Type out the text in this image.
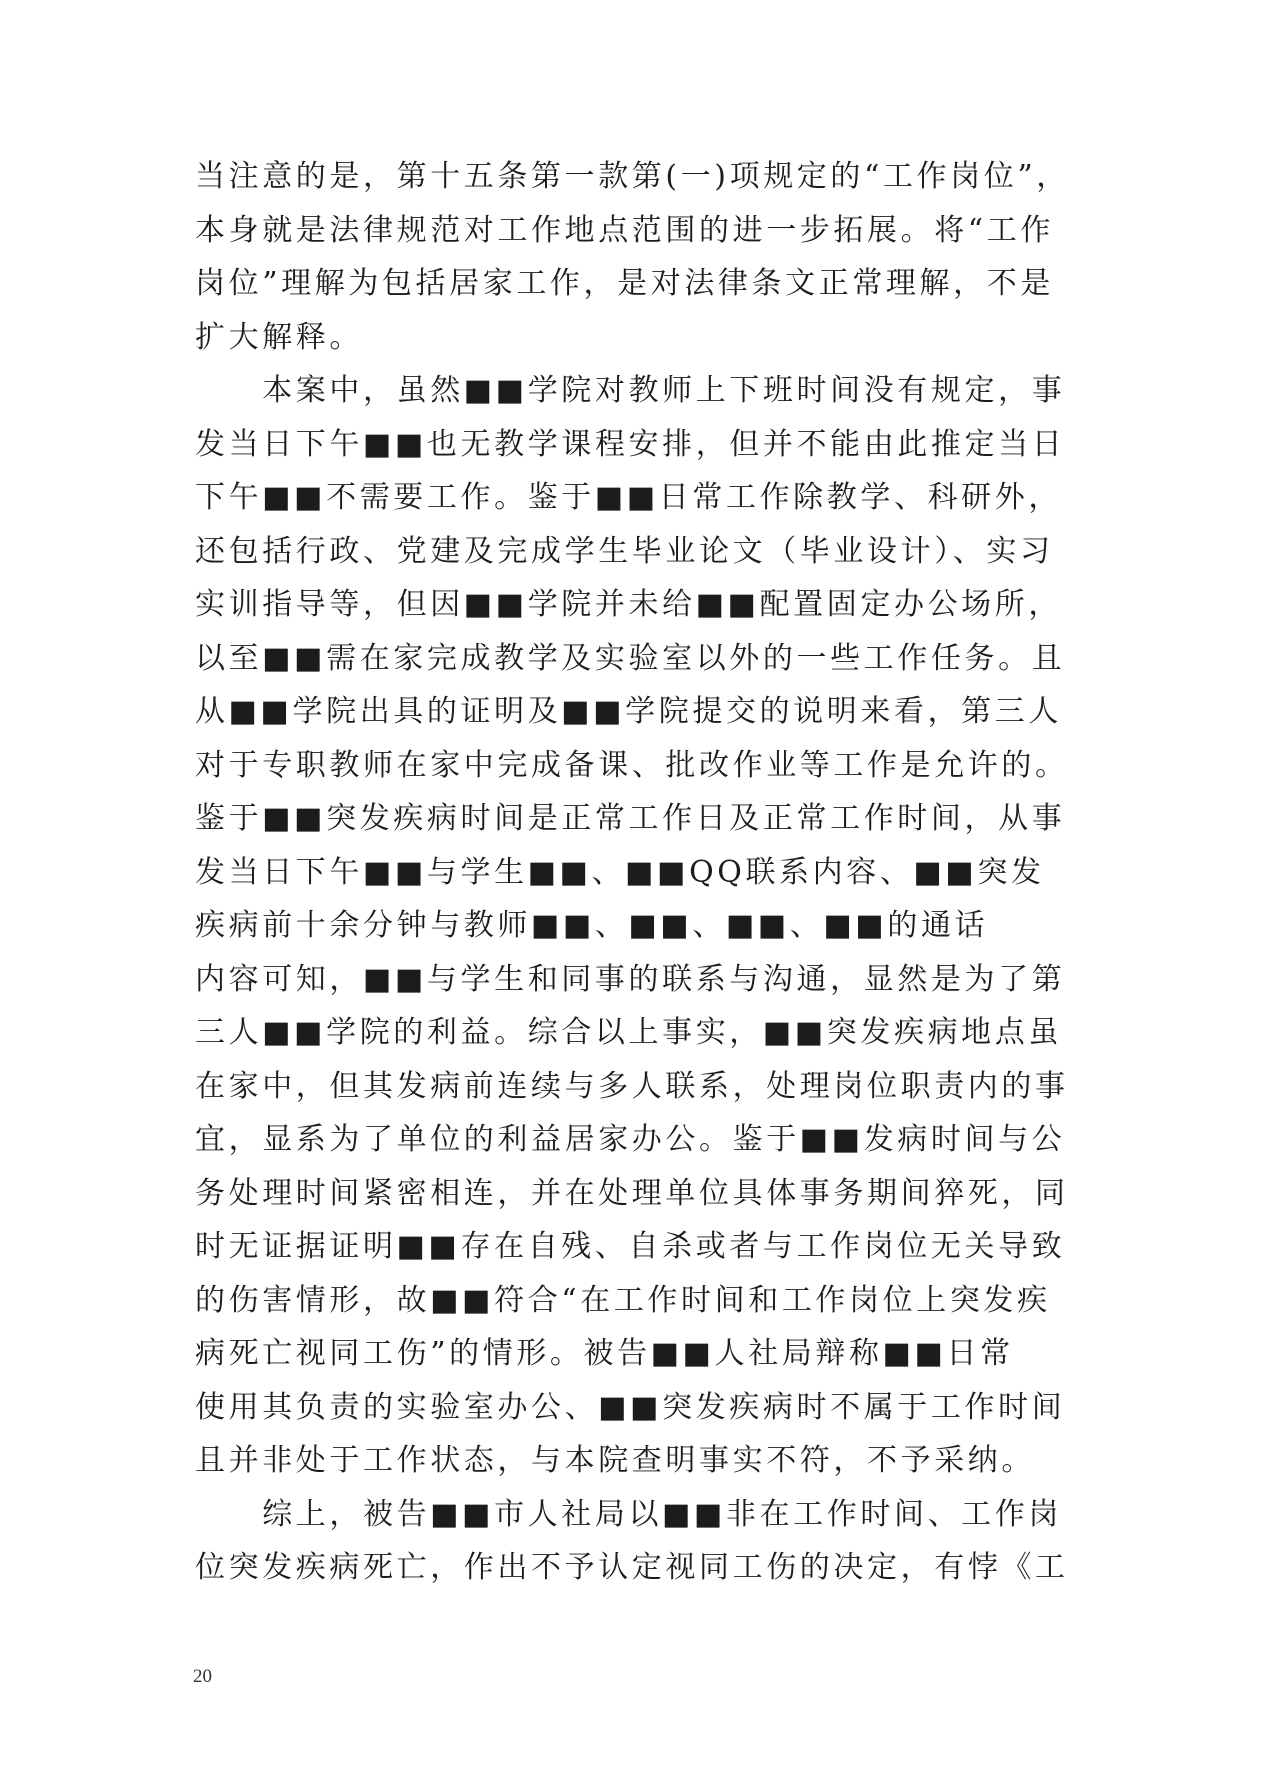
当注意的是，第十五条第一款第(一)项规定的“工作岗位”，
本身就是法律规范对工作地点范围的进一步拓展。将“工作
岗位”理解为包括居家工作，是对法律条文正常理解，不是
扩大解释。
　　本案中，虽然■■学院对教师上下班时间没有规定，事
发当日下午■■也无教学课程安排，但并不能由此推定当日
下午■■不需要工作。鉴于■■日常工作除教学、科研外，
还包括行政、党建及完成学生毕业论文（毕业设计）、实习
实训指导等，但因■■学院并未给■■配置固定办公场所，
以至■■需在家完成教学及实验室以外的一些工作任务。且
从■■学院出具的证明及■■学院提交的说明来看，第三人
对于专职教师在家中完成备课、批改作业等工作是允许的。
鉴于■■突发疾病时间是正常工作日及正常工作时间，从事
发当日下午■■与学生■■、■■QQ联系内容、■■突发
疾病前十余分钟与教师■■、■■、■■、■■的通话
内容可知，■■与学生和同事的联系与沟通，显然是为了第
三人■■学院的利益。综合以上事实，■■突发疾病地点虽
在家中，但其发病前连续与多人联系，处理岗位职责内的事
宜，显系为了单位的利益居家办公。鉴于■■发病时间与公
务处理时间紧密相连，并在处理单位具体事务期间猝死，同
时无证据证明■■存在自残、自杀或者与工作岗位无关导致
的伤害情形，故■■符合“在工作时间和工作岗位上突发疾
病死亡视同工伤”的情形。被告■■人社局辩称■■日常
使用其负责的实验室办公、■■突发疾病时不属于工作时间
且并非处于工作状态，与本院查明事实不符，不予采纳。
　　综上，被告■■市人社局以■■非在工作时间、工作岗
位突发疾病死亡，作出不予认定视同工伤的决定，有悖《工
20
